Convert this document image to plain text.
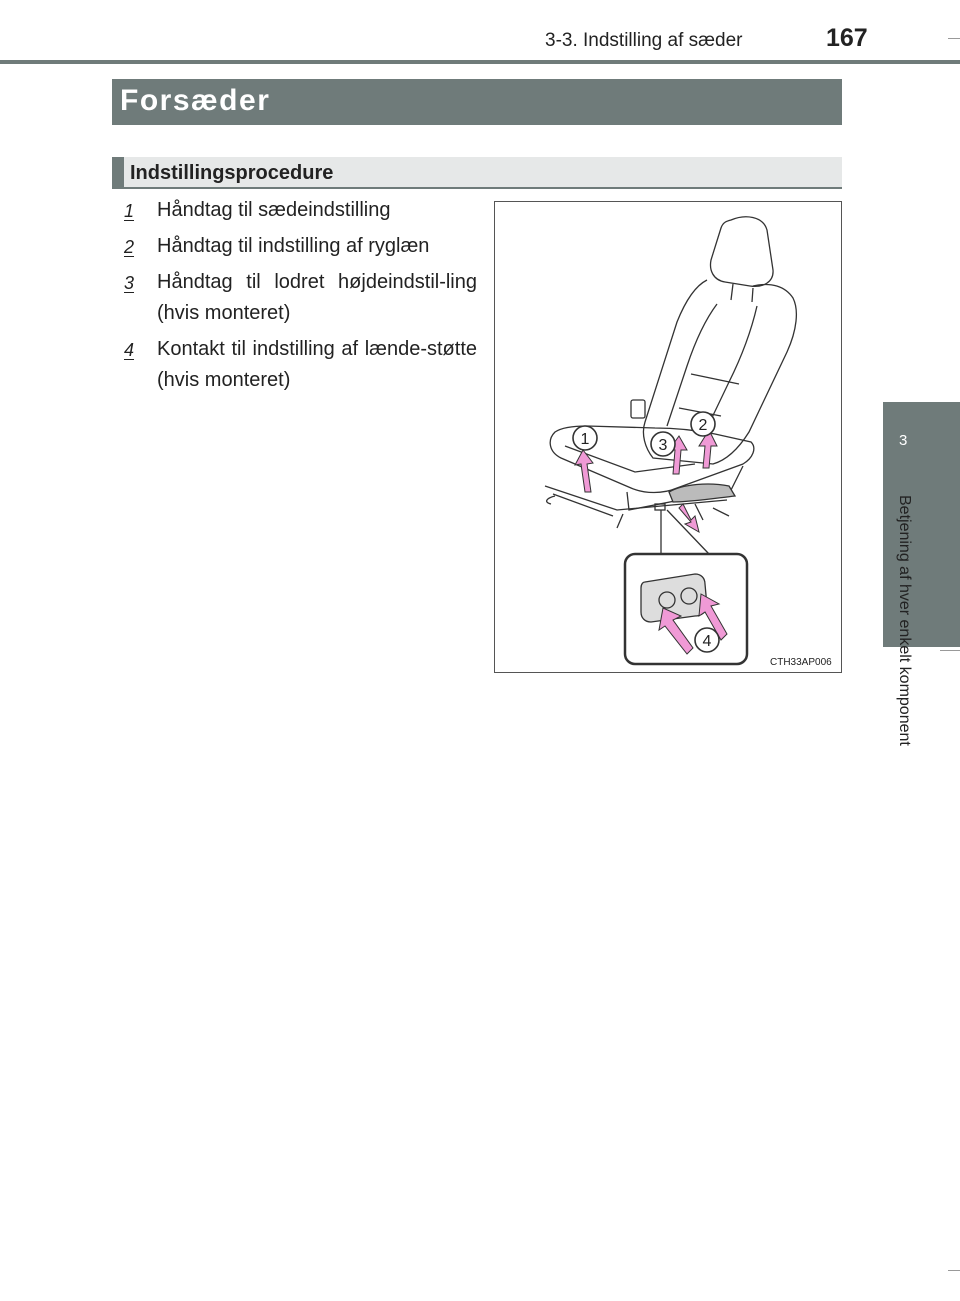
3-3. Indstilling af sæder	167
Forsæder
Indstillingsprocedure
1 Håndtag til sædeindstilling
2 Håndtag til indstilling af ryglæn
3 Håndtag til lodret højdeindstil-ling (hvis monteret)
4 Kontakt til indstilling af lænde-støtte (hvis monteret)
1
2
3
4
CTH33AP006
3
Betjening af hver enkelt komponent
